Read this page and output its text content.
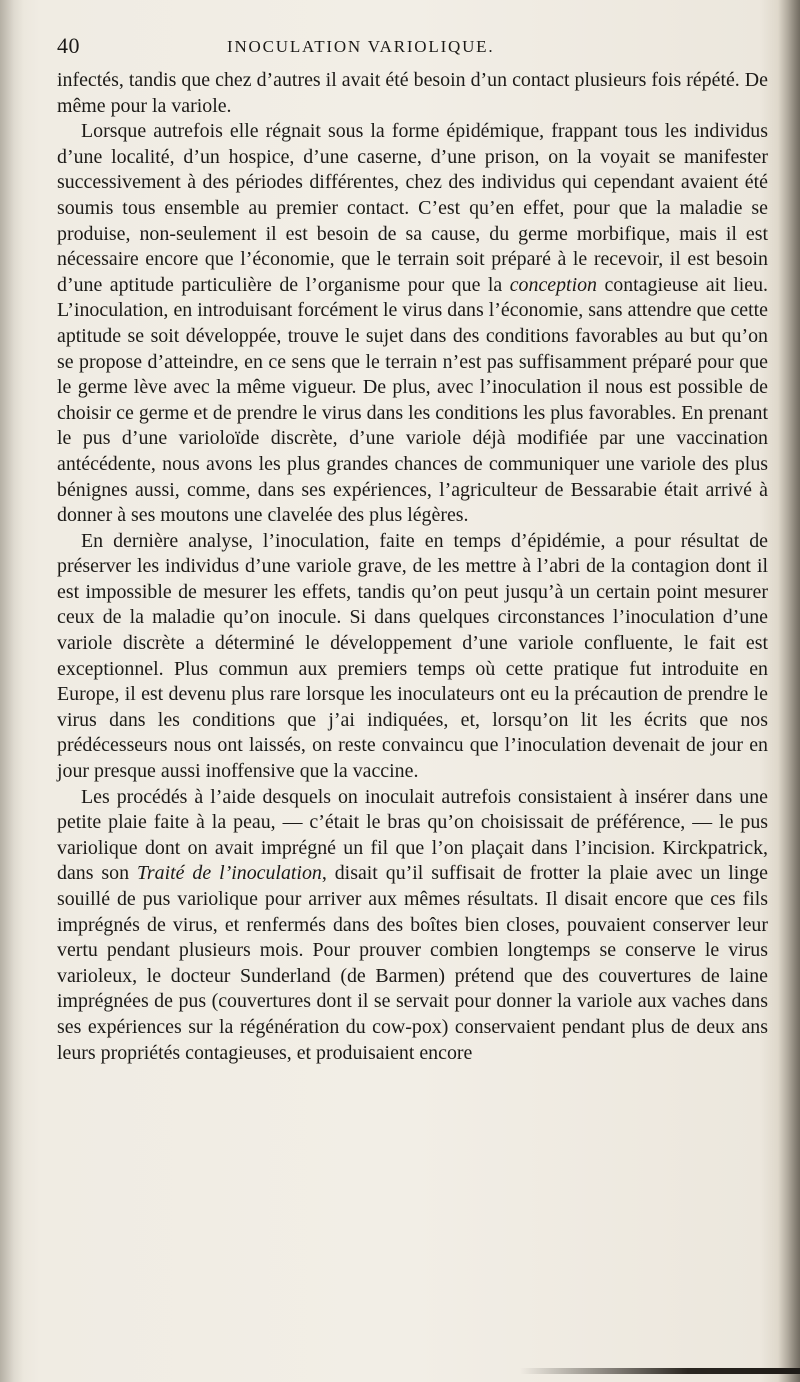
40	INOCULATION VARIOLIQUE.

infectés, tandis que chez d’autres il avait été besoin d’un contact plusieurs fois répété. De même pour la variole.

Lorsque autrefois elle régnait sous la forme épidémique, frappant tous les individus d’une localité, d’un hospice, d’une caserne, d’une prison, on la voyait se manifester successivement à des périodes différentes, chez des individus qui cependant avaient été soumis tous ensemble au premier contact. C’est qu’en effet, pour que la maladie se produise, non-seulement il est besoin de sa cause, du germe morbifique, mais il est nécessaire encore que l’économie, que le terrain soit préparé à le recevoir, il est besoin d’une aptitude particulière de l’organisme pour que la conception contagieuse ait lieu. L’inoculation, en introduisant forcément le virus dans l’économie, sans attendre que cette aptitude se soit développée, trouve le sujet dans des conditions favorables au but qu’on se propose d’atteindre, en ce sens que le terrain n’est pas suffisamment préparé pour que le germe lève avec la même vigueur. De plus, avec l’inoculation il nous est possible de choisir ce germe et de prendre le virus dans les conditions les plus favorables. En prenant le pus d’une varioloïde discrète, d’une variole déjà modifiée par une vaccination antécédente, nous avons les plus grandes chances de communiquer une variole des plus bénignes aussi, comme, dans ses expériences, l’agriculteur de Bessarabie était arrivé à donner à ses moutons une clavelée des plus légères.

En dernière analyse, l’inoculation, faite en temps d’épidémie, a pour résultat de préserver les individus d’une variole grave, de les mettre à l’abri de la contagion dont il est impossible de mesurer les effets, tandis qu’on peut jusqu’à un certain point mesurer ceux de la maladie qu’on inocule. Si dans quelques circonstances l’inoculation d’une variole discrète a déterminé le développement d’une variole confluente, le fait est exceptionnel. Plus commun aux premiers temps où cette pratique fut introduite en Europe, il est devenu plus rare lorsque les inoculateurs ont eu la précaution de prendre le virus dans les conditions que j’ai indiquées, et, lorsqu’on lit les écrits que nos prédécesseurs nous ont laissés, on reste convaincu que l’inoculation devenait de jour en jour presque aussi inoffensive que la vaccine.

Les procédés à l’aide desquels on inoculait autrefois consistaient à insérer dans une petite plaie faite à la peau, — c’était le bras qu’on choisissait de préférence, — le pus variolique dont on avait imprégné un fil que l’on plaçait dans l’incision. Kirckpatrick, dans son Traité de l’inoculation, disait qu’il suffisait de frotter la plaie avec un linge souillé de pus variolique pour arriver aux mêmes résultats. Il disait encore que ces fils imprégnés de virus, et renfermés dans des boîtes bien closes, pouvaient conserver leur vertu pendant plusieurs mois. Pour prouver combien longtemps se conserve le virus varioleux, le docteur Sunderland (de Barmen) prétend que des couvertures de laine imprégnées de pus (couvertures dont il se servait pour donner la variole aux vaches dans ses expériences sur la régénération du cow-pox) conservaient pendant plus de deux ans leurs propriétés contagieuses, et produisaient encore
